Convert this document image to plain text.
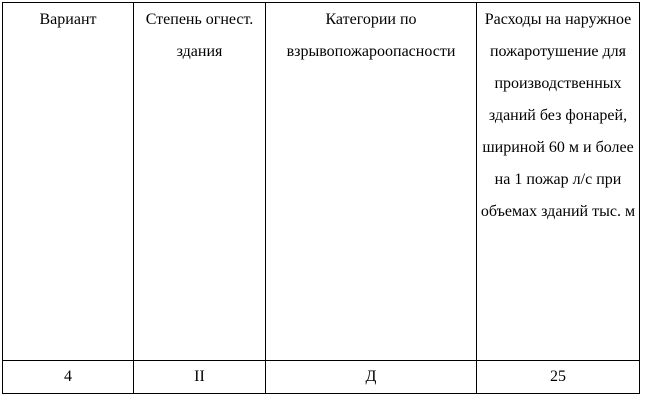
Вариант	Степень огнест. здания	Категории по взрывопожароопасности	Расходы на наружное пожаротушение для производственных зданий без фонарей, шириной 60 м и более на 1 пожар л/с при объемах зданий тыс. м

4	II	Д	25
